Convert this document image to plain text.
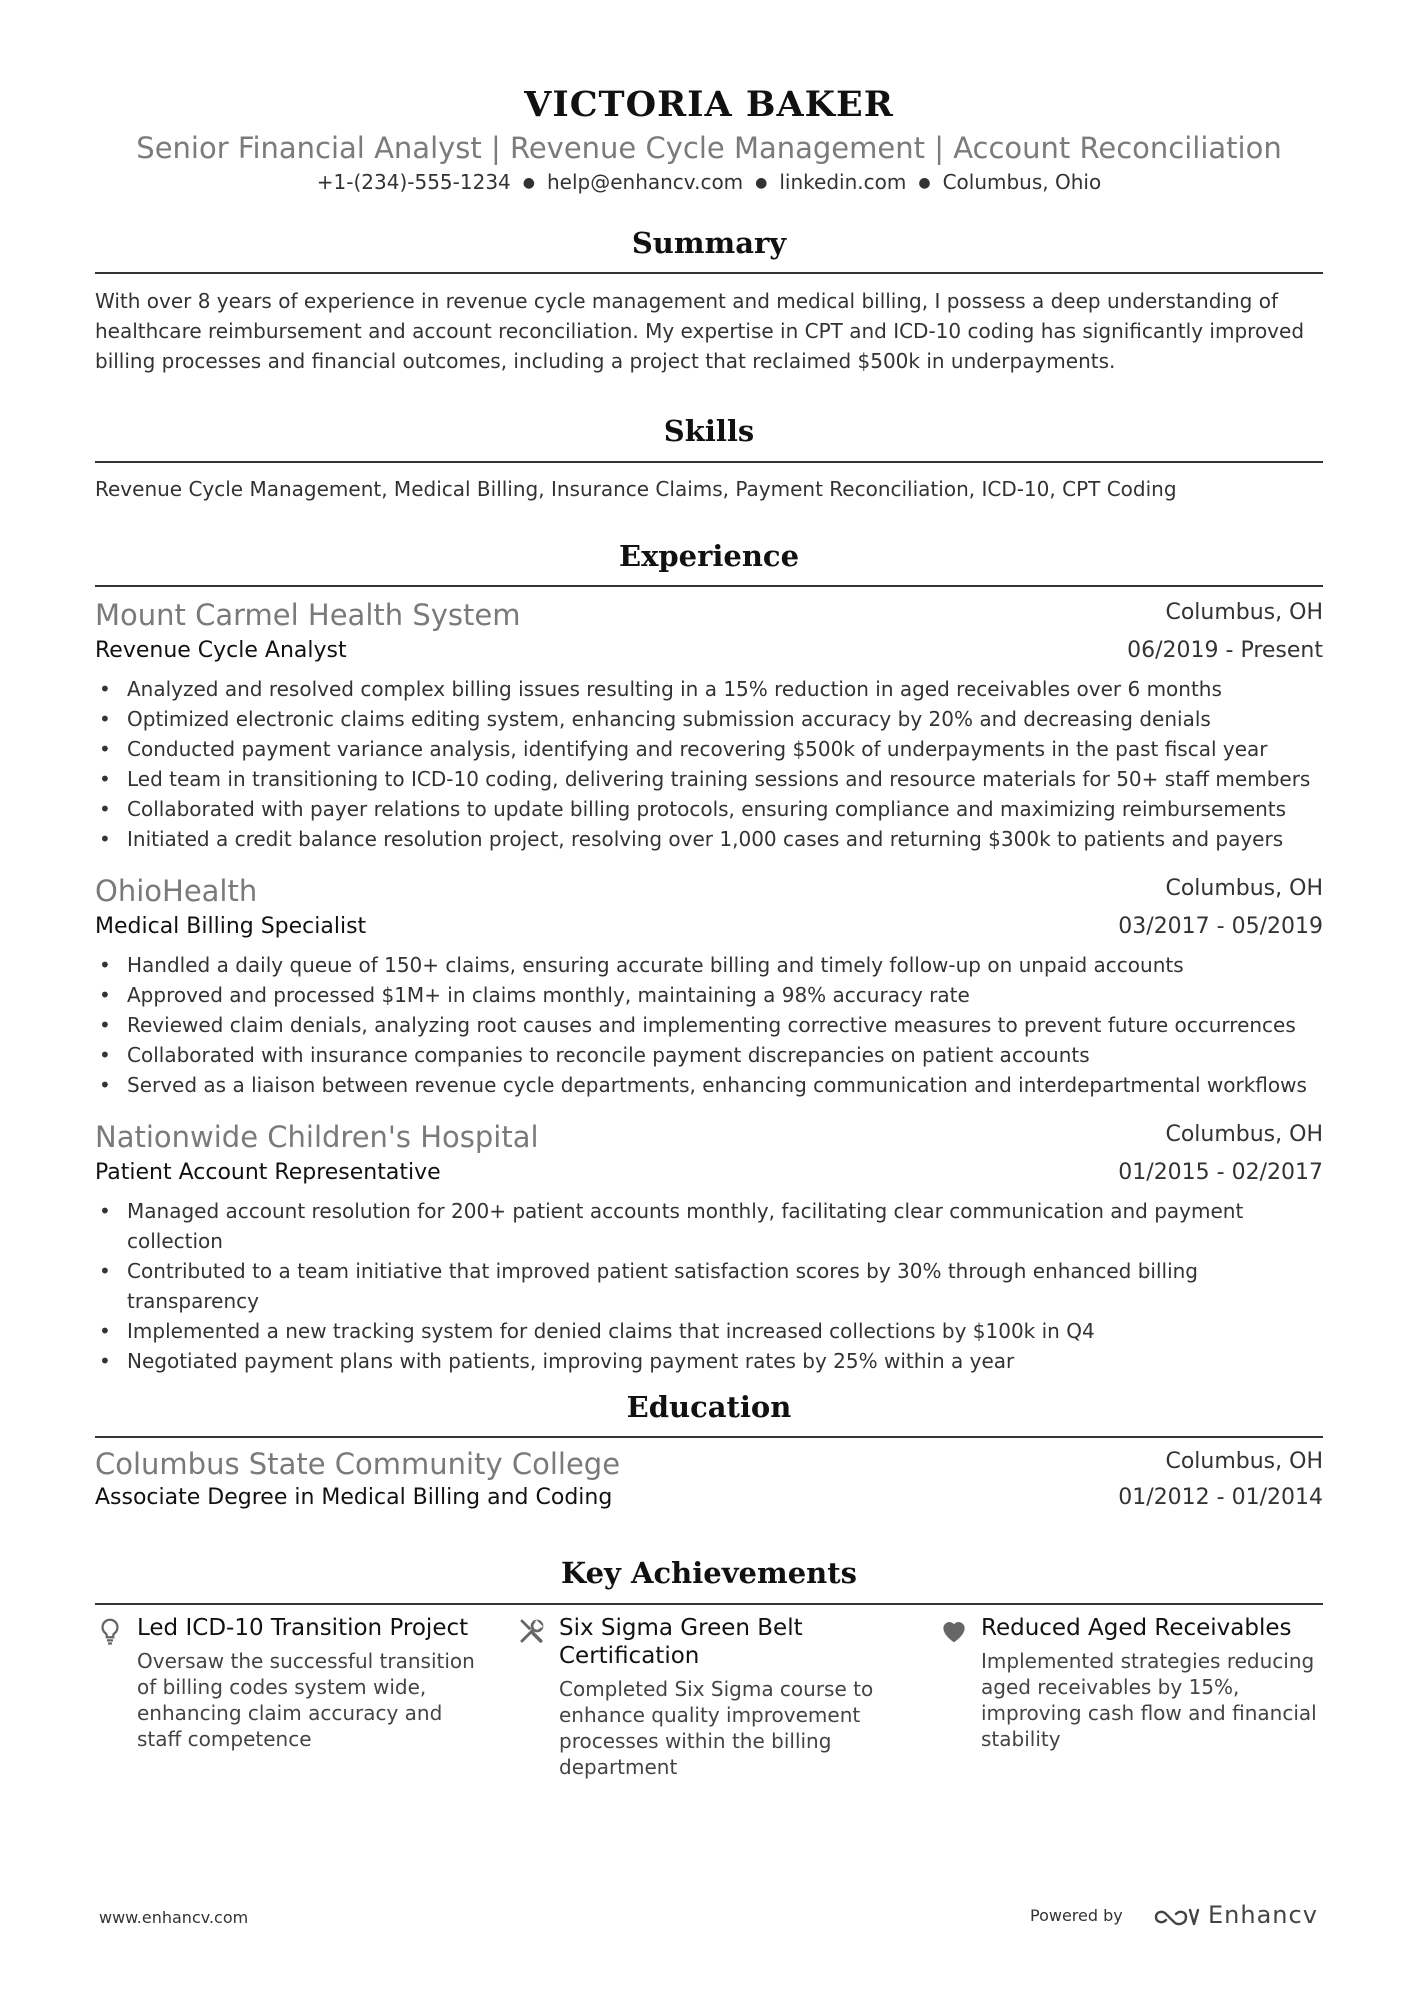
VICTORIA BAKER
Senior Financial Analyst | Revenue Cycle Management | Account Reconciliation
+1-(234)-555-1234 ● help@enhancv.com ● linkedin.com ● Columbus, Ohio
Summary
With over 8 years of experience in revenue cycle management and medical billing, I possess a deep understanding of healthcare reimbursement and account reconciliation. My expertise in CPT and ICD-10 coding has significantly improved billing processes and financial outcomes, including a project that reclaimed $500k in underpayments.
Skills
Revenue Cycle Management, Medical Billing, Insurance Claims, Payment Reconciliation, ICD-10, CPT Coding
Experience
Mount Carmel Health System	Columbus, OH
Revenue Cycle Analyst	06/2019 - Present
• Analyzed and resolved complex billing issues resulting in a 15% reduction in aged receivables over 6 months
• Optimized electronic claims editing system, enhancing submission accuracy by 20% and decreasing denials
• Conducted payment variance analysis, identifying and recovering $500k of underpayments in the past fiscal year
• Led team in transitioning to ICD-10 coding, delivering training sessions and resource materials for 50+ staff members
• Collaborated with payer relations to update billing protocols, ensuring compliance and maximizing reimbursements
• Initiated a credit balance resolution project, resolving over 1,000 cases and returning $300k to patients and payers
OhioHealth	Columbus, OH
Medical Billing Specialist	03/2017 - 05/2019
• Handled a daily queue of 150+ claims, ensuring accurate billing and timely follow-up on unpaid accounts
• Approved and processed $1M+ in claims monthly, maintaining a 98% accuracy rate
• Reviewed claim denials, analyzing root causes and implementing corrective measures to prevent future occurrences
• Collaborated with insurance companies to reconcile payment discrepancies on patient accounts
• Served as a liaison between revenue cycle departments, enhancing communication and interdepartmental workflows
Nationwide Children's Hospital	Columbus, OH
Patient Account Representative	01/2015 - 02/2017
• Managed account resolution for 200+ patient accounts monthly, facilitating clear communication and payment collection
• Contributed to a team initiative that improved patient satisfaction scores by 30% through enhanced billing transparency
• Implemented a new tracking system for denied claims that increased collections by $100k in Q4
• Negotiated payment plans with patients, improving payment rates by 25% within a year
Education
Columbus State Community College	Columbus, OH
Associate Degree in Medical Billing and Coding	01/2012 - 01/2014
Key Achievements
Led ICD-10 Transition Project
Oversaw the successful transition of billing codes system wide, enhancing claim accuracy and staff competence
Six Sigma Green Belt Certification
Completed Six Sigma course to enhance quality improvement processes within the billing department
Reduced Aged Receivables
Implemented strategies reducing aged receivables by 15%, improving cash flow and financial stability
www.enhancv.com	Powered by	Enhancv
